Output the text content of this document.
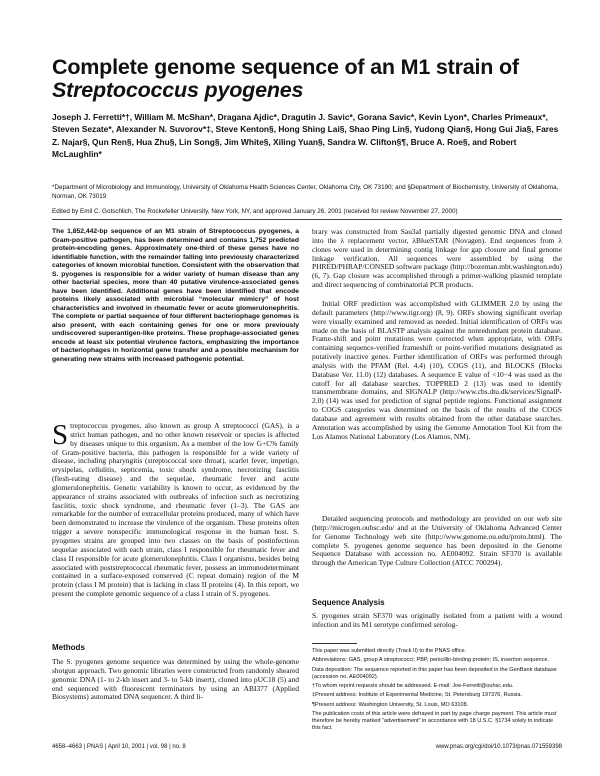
Complete genome sequence of an M1 strain of
Streptococcus pyogenes

Joseph J. Ferretti*†, William M. McShan*, Dragana Ajdic*, Dragutin J. Savic*, Gorana Savic*, Kevin Lyon*, Charles Primeaux*, Steven Sezate*, Alexander N. Suvorov*‡, Steve Kenton§, Hong Shing Lai§, Shao Ping Lin§, Yudong Qian§, Hong Gui Jia§, Fares Z. Najar§, Qun Ren§, Hua Zhu§, Lin Song§, Jim White§, Xiling Yuan§, Sandra W. Clifton§¶, Bruce A. Roe§, and Robert McLaughlin*

*Department of Microbiology and Immunology, University of Oklahoma Health Sciences Center, Oklahoma City, OK 73190; and §Department of Biochemistry, University of Oklahoma, Norman, OK 73019

Edited by Emil C. Gotschlich, The Rockefeller University, New York, NY, and approved January 26, 2001 (received for review November 27, 2000)

The 1,852,442-bp sequence of an M1 strain of Streptococcus pyogenes, a Gram-positive pathogen, has been determined and contains 1,752 predicted protein-encoding genes. Approximately one-third of these genes have no identifiable function, with the remainder falling into previously characterized categories of known microbial function. Consistent with the observation that S. pyogenes is responsible for a wider variety of human disease than any other bacterial species, more than 40 putative virulence-associated genes have been identified. Additional genes have been identified that encode proteins likely associated with microbial “molecular mimicry” of host characteristics and involved in rheumatic fever or acute glomerulonephritis. The complete or partial sequence of four different bacteriophage genomes is also present, with each containing genes for one or more previously undiscovered superantigen-like proteins. These prophage-associated genes encode at least six potential virulence factors, emphasizing the importance of bacteriophages in horizontal gene transfer and a possible mechanism for generating new strains with increased pathogenic potential.

Streptococcus pyogenes, also known as group A streptococci (GAS), is a strict human pathogen, and no other known reservoir or species is affected by diseases unique to this organism. As a member of the low G+C% family of Gram-positive bacteria, this pathogen is responsible for a wide variety of disease, including pharyngitis (streptococcal sore throat), scarlet fever, impetigo, erysipelas, cellulitis, septicemia, toxic shock syndrome, necrotizing fasciitis (flesh-eating disease) and the sequelae, rheumatic fever and acute glomerulonephritis. Genetic variability is known to occur, as evidenced by the appearance of strains associated with outbreaks of infection such as necrotizing fasciitis, toxic shock syndrome, and rheumatic fever (1–3). The GAS are remarkable for the number of extracellular proteins produced, many of which have been demonstrated to increase the virulence of the organism. These proteins often trigger a severe nonspecific immunological response in the human host. S. pyogenes strains are grouped into two classes on the basis of postinfectious sequelae associated with each strain, class I responsible for rheumatic fever and class II responsible for acute glomerulonephritis. Class I organisms, besides being associated with poststreptococcal rheumatic fever, possess an immunodeterminant contained in a surface-exposed conserved (C repeat domain) region of the M protein (class I M protein) that is lacking in class II proteins (4). In this report, we present the complete genomic sequence of a class I strain of S. pyogenes.

Methods

The S. pyogenes genome sequence was determined by using the whole-genome shotgun approach. Two genomic libraries were constructed from randomly sheared genomic DNA (1- to 2-kb insert and 3- to 5-kb insert), cloned into pUC18 (5) and end sequenced with fluorescent terminators by using an ABI377 (Applied Biosystems) automated DNA sequencer. A third li-

brary was constructed from Sau3aI partially digested genomic DNA and cloned into the λ replacement vector, λBlueSTAR (Novagen). End sequences from λ clones were used in determining contig linkage for gap closure and final genome linkage verification. All sequences were assembled by using the PHRED/PHRAP/CONSED software package (http://bozeman.mbt.washington.edu) (6, 7). Gap closure was accomplished through a primer-walking plasmid template and direct sequencing of combinatorial PCR products.

Initial ORF prediction was accomplished with GLIMMER 2.0 by using the default parameters (http://www.tigr.org) (8, 9). ORFs showing significant overlap were visually examined and removed as needed. Initial identification of ORFs was made on the basis of BLASTP analysis against the nonredundant protein database. Frame-shift and point mutations were corrected when appropriate, with ORFs containing sequence-verified frameshift or point-verified mutations designated as putatively inactive genes. Further identification of ORFs was performed through analysis with the PFAM (Rel. 4.4) (10), COGS (11), and BLOCKS (Blocks Database Ver. 11.0) (12) databases. A sequence E value of <10−4 was used as the cutoff for all database searches. TOPPRED 2 (13) was used to identify transmembrane domains, and SIGNALP (http://www.cbs.dtu.dk/services/SignalP-2.0) (14) was used for prediction of signal peptide regions. Functional assignment to COGS categories was determined on the basis of the results of the COGS database and agreement with results obtained from the other database searches. Annotation was accomplished by using the Genome Annotation Tool Kit from the Los Alamos National Laboratory (Los Alamos, NM).

Detailed sequencing protocols and methodology are provided on our web site (http://microgen.ouhsc.edu/ and at the University of Oklahoma Advanced Center for Genome Technology web site (http://www.genome.ou.edu/proto.html). The complete S. pyogenes genome sequence has been deposited in the Genome Sequence Database with accession no. AE004092. Strain SF370 is available through the American Type Culture Collection (ATCC 700294).

Sequence Analysis

S. pyogenes strain SF370 was originally isolated from a patient with a wound infection and its M1 serotype confirmed serolog-

This paper was submitted directly (Track II) to the PNAS office.

Abbreviations: GAS, group A streptococci; PBP, penicillin-binding protein; IS, insertion sequence.

Data deposition: The sequence reported in this paper has been deposited in the GenBank database (accession no. AE004092).

†To whom reprint requests should be addressed. E-mail: Joe-Ferretti@ouhsc.edu.

‡Present address: Institute of Experimental Medicine, St. Petersburg 197376, Russia.

¶Present address: Washington University, St. Louis, MO 63108.

The publication costs of this article were defrayed in part by page charge payment. This article must therefore be hereby marked “advertisement” in accordance with 18 U.S.C. §1734 solely to indicate this fact.

4658–4663 | PNAS | April 10, 2001 | vol. 98 | no. 8	www.pnas.org/cgi/doi/10.1073/pnas.071559398
